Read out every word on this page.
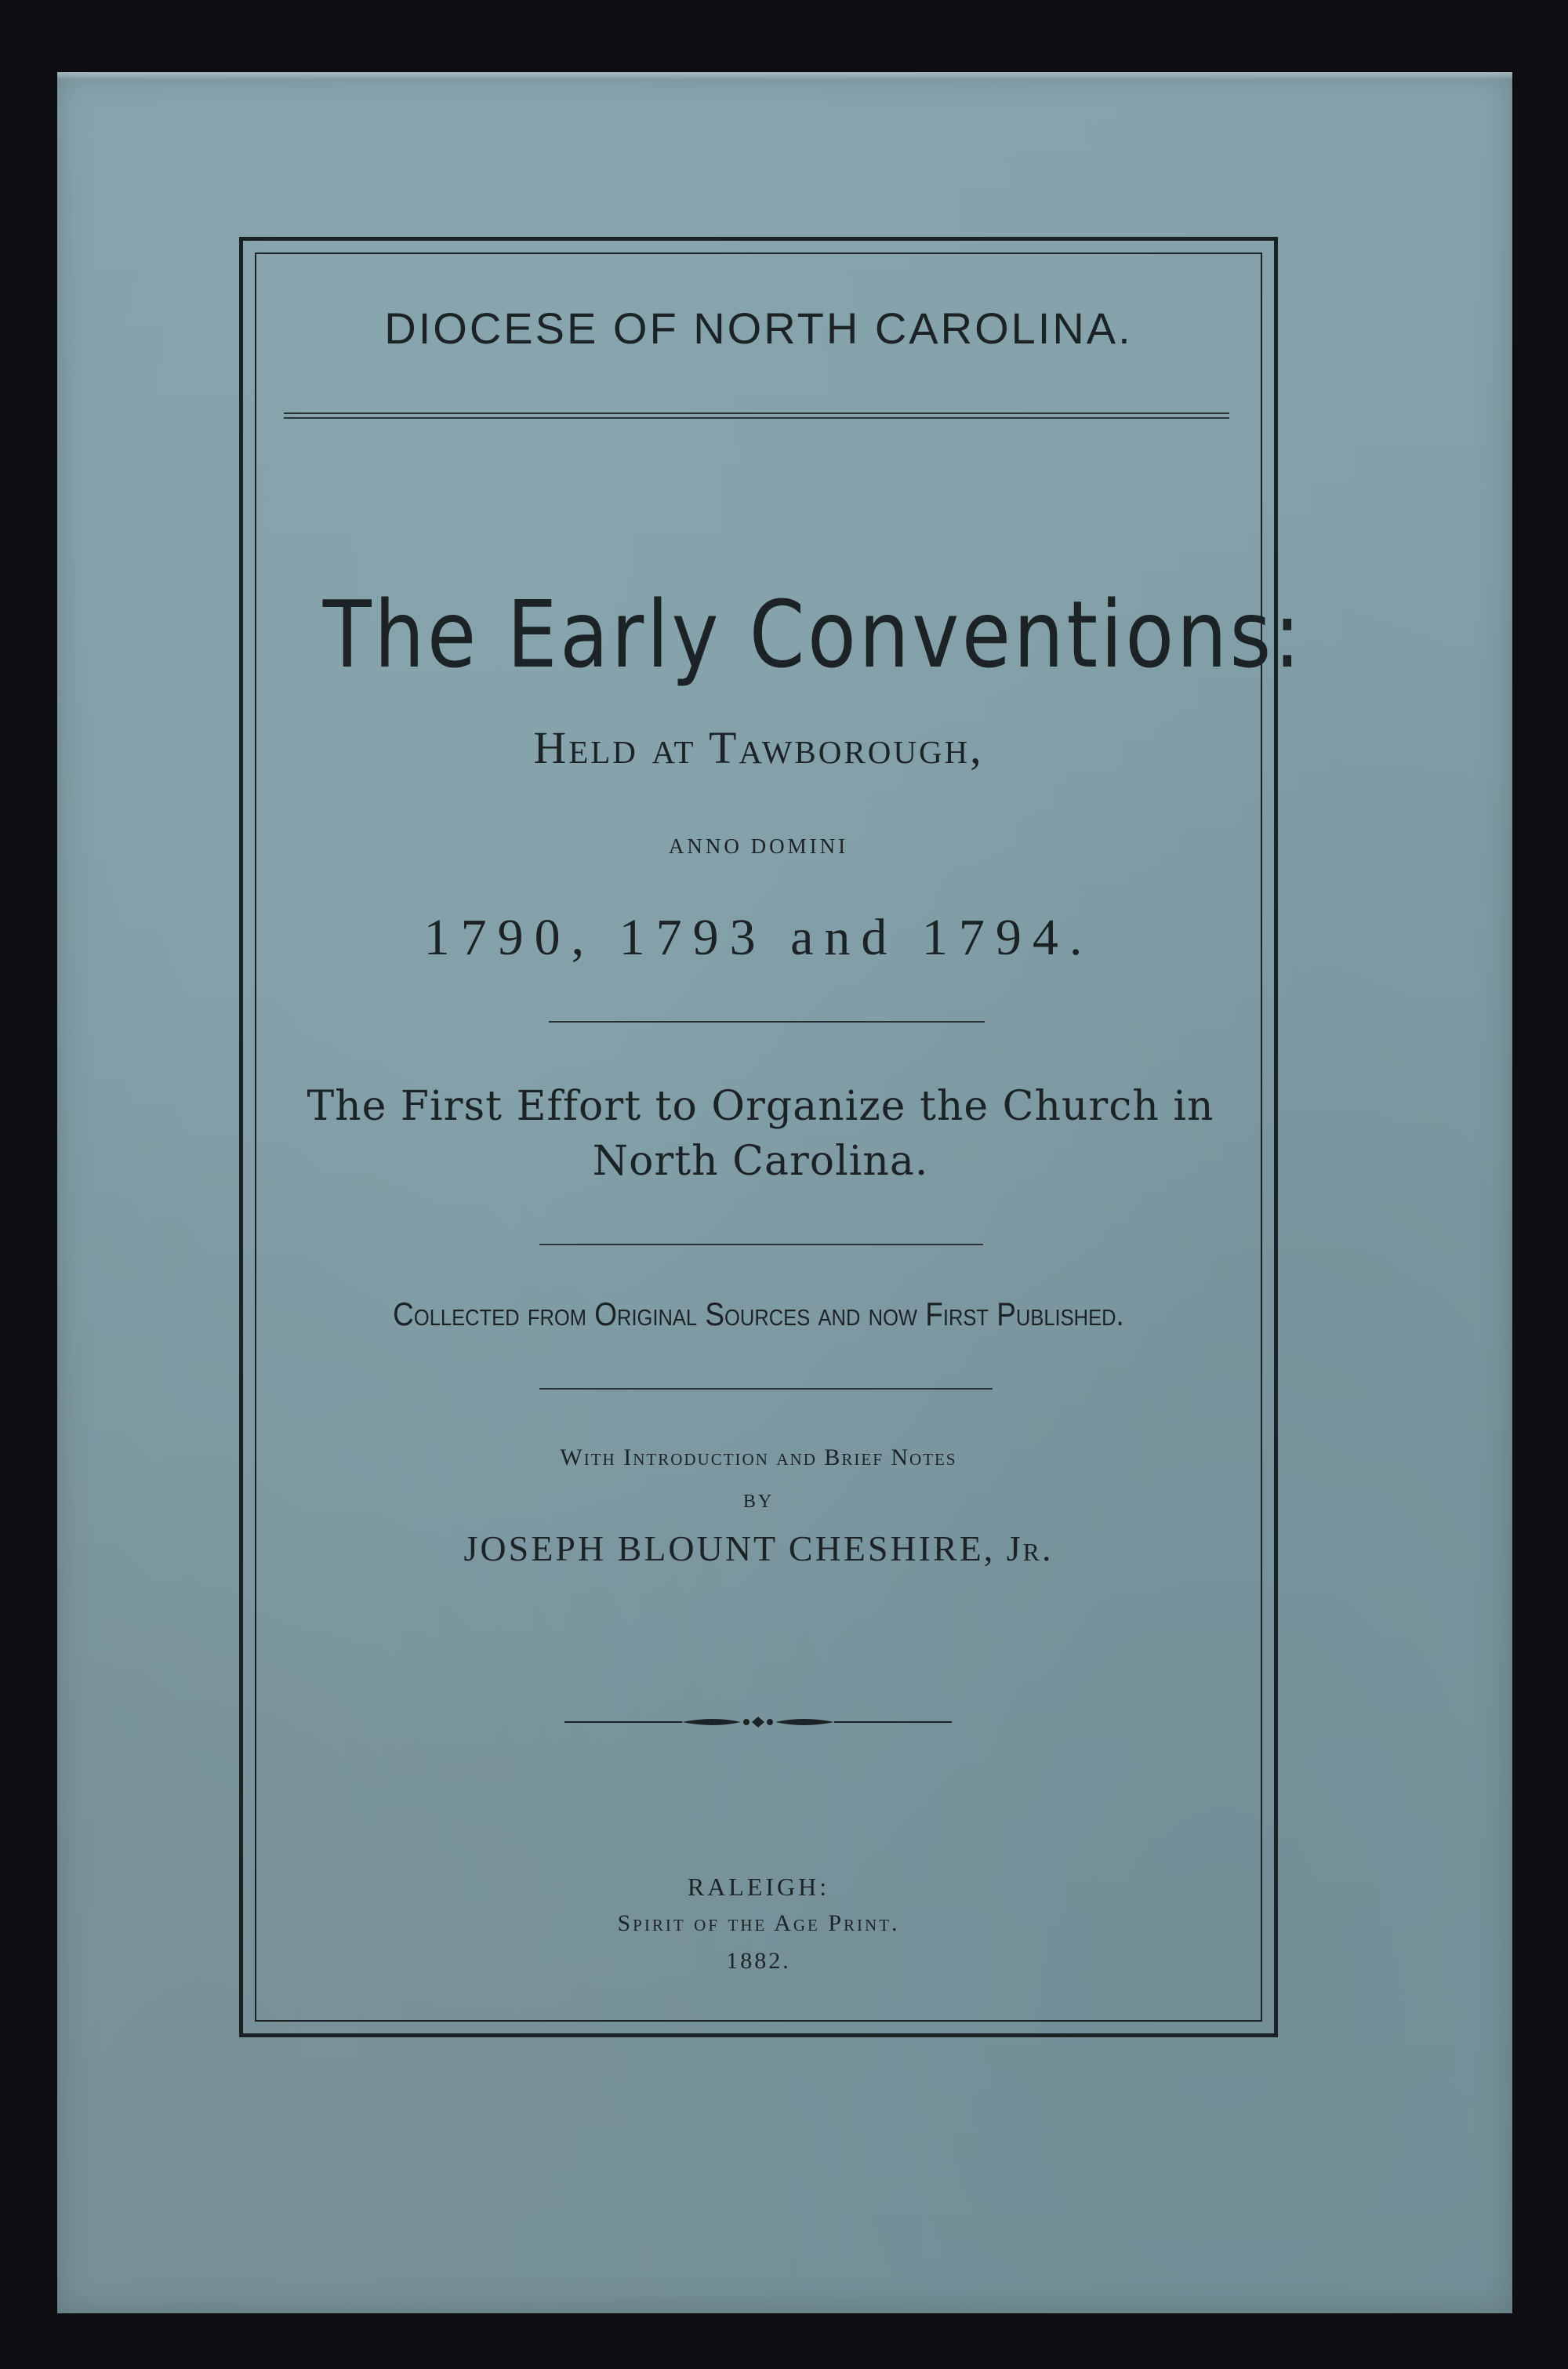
DIOCESE OF NORTH CAROLINA.
The Early Conventions:
Held at Tawborough,
ANNO DOMINI
1790, 1793 and 1794.
The First Effort to Organize the Church in North Carolina.
Collected from Original Sources and now First Published.
With Introduction and Brief Notes
BY
JOSEPH BLOUNT CHESHIRE, Jr.
RALEIGH:
Spirit of the Age Print.
1882.
